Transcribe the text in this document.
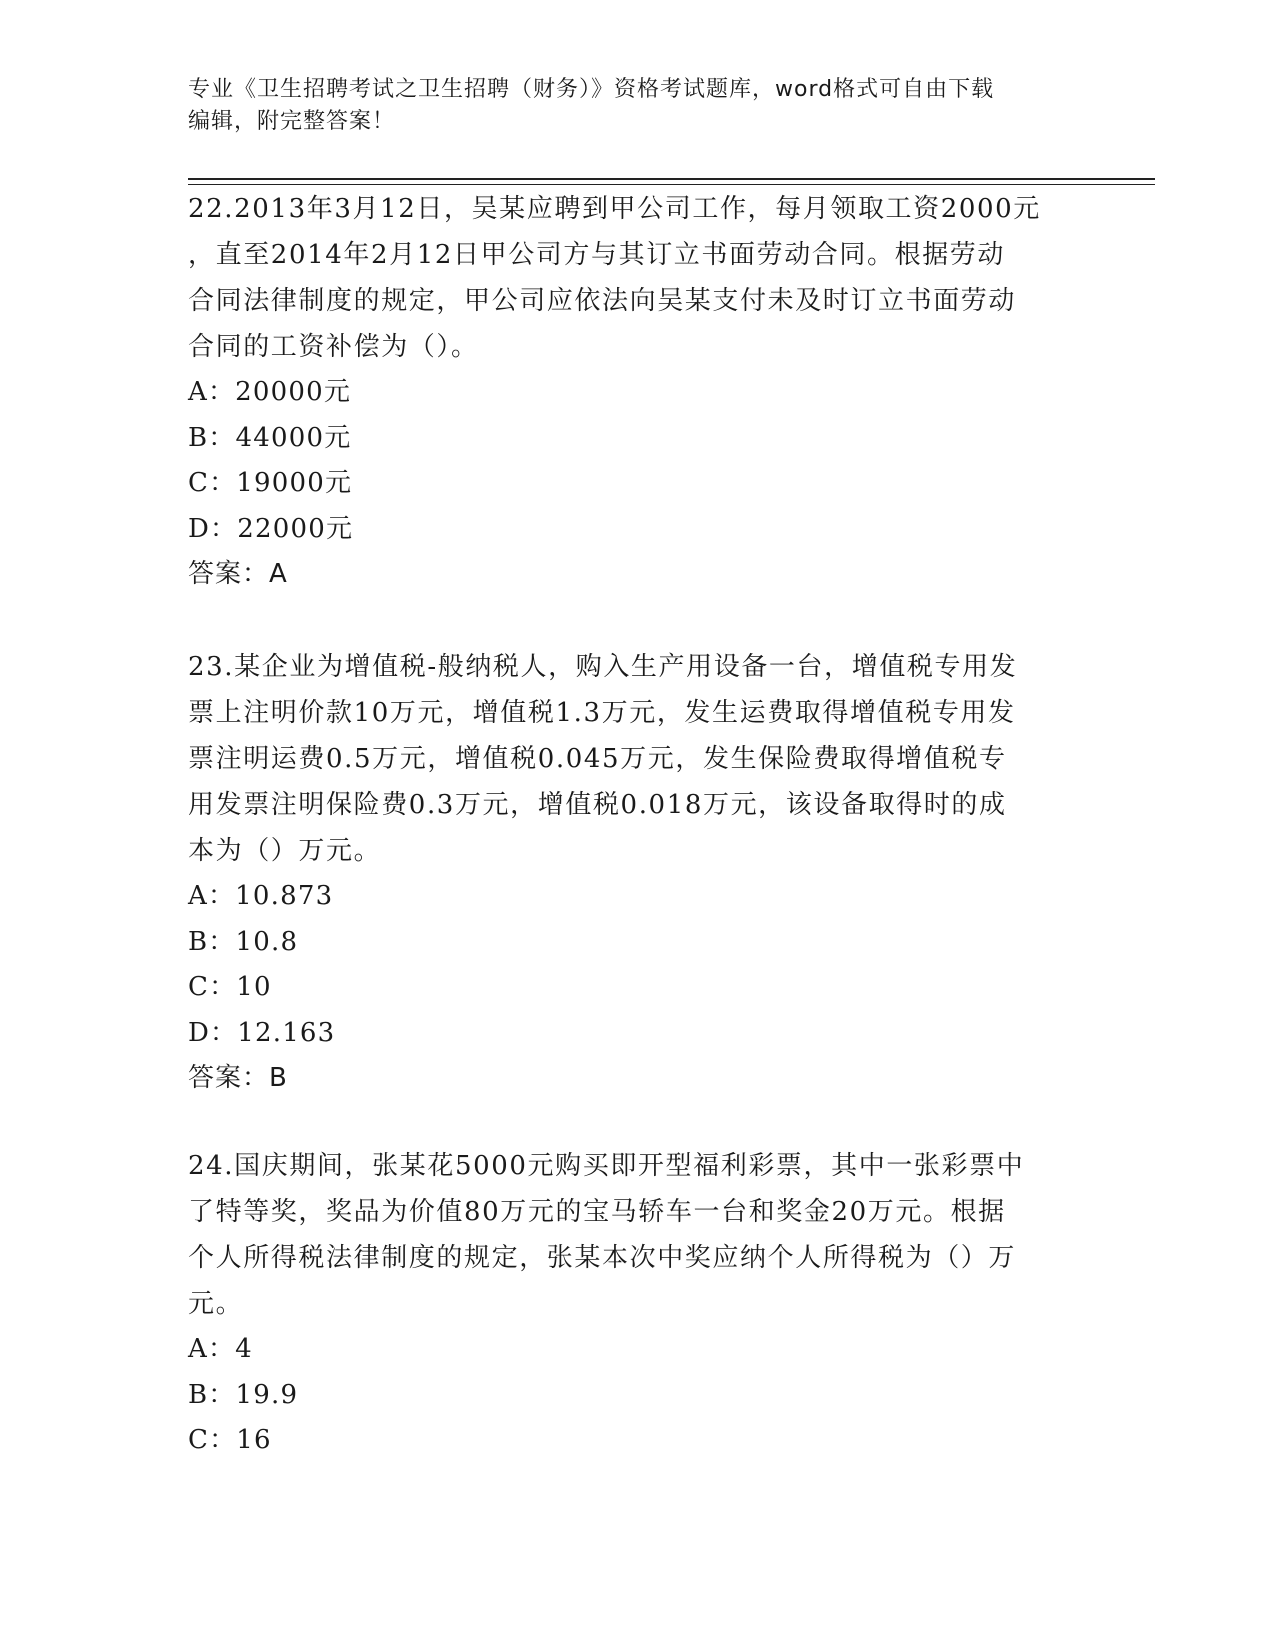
专业《卫生招聘考试之卫生招聘（财务）》资格考试题库，word格式可自由下载
编辑，附完整答案！

22.2013年3月12日，吴某应聘到甲公司工作，每月领取工资2000元

，直至2014年2月12日甲公司方与其订立书面劳动合同。根据劳动

合同法律制度的规定，甲公司应依法向吴某支付未及时订立书面劳动

合同的工资补偿为（）。

A：20000元

B：44000元

C：19000元

D：22000元

答案：A

23.某企业为增值税-般纳税人，购入生产用设备一台，增值税专用发

票上注明价款10万元，增值税1.3万元，发生运费取得增值税专用发

票注明运费0.5万元，增值税0.045万元，发生保险费取得增值税专

用发票注明保险费0.3万元，增值税0.018万元，该设备取得时的成

本为（）万元。

A：10.873

B：10.8

C：10

D：12.163

答案：B

24.国庆期间，张某花5000元购买即开型福利彩票，其中一张彩票中

了特等奖，奖品为价值80万元的宝马轿车一台和奖金20万元。根据

个人所得税法律制度的规定，张某本次中奖应纳个人所得税为（）万

元。

A：4

B：19.9

C：16
